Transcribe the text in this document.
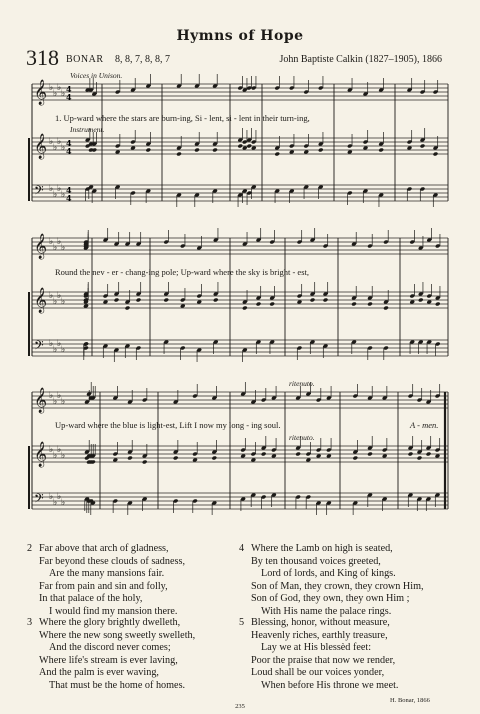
Hymns of Hope
318 BONAR 8, 8, 7, 8, 8, 7	John Baptiste Calkin (1827–1905), 1866
𝄞 ♭
♭
♭
♭ 4
4
𝄞 ♭
♭
♭
♭ 4
4
𝄢 ♭
♭
♭
♭ 4
4
𝄞 ♭
♭
♭
♭
𝄞 ♭
♭
♭
♭
𝄢 ♭
♭
♭
♭
𝄞 ♭
♭
♭
♭
𝄞 ♭
♭
♭
♭
𝄢 ♭
♭
♭
♭
Voices in Unison.
Instrument.
ritenuto.
ritenuto.
1. Up-ward where the stars are burn-ing, Si - lent, si - lent in their turn-ing,
Round the nev - er - chang-ing pole; Up-ward where the sky is bright - est,
Up-ward where the blue is light-est, Lift I now my long - ing soul.	A - men.
2 Far above that arch of gladness,
Far beyond these clouds of sadness,
Are the many mansions fair.
Far from pain and sin and folly,
In that palace of the holy,
I would find my mansion there.
3 Where the glory brightly dwelleth,
Where the new song sweetly swelleth,
And the discord never comes;
Where life's stream is ever laving,
And the palm is ever waving,
That must be the home of homes.
4 Where the Lamb on high is seated,
By ten thousand voices greeted,
Lord of lords, and King of kings.
Son of Man, they crown, they crown Him,
Son of God, they own, they own Him ;
With His name the palace rings.
5 Blessing, honor, without measure,
Heavenly riches, earthly treasure,
Lay we at His blessèd feet:
Poor the praise that now we render,
Loud shall be our voices yonder,
When before His throne we meet.
H. Bonar, 1866
235
